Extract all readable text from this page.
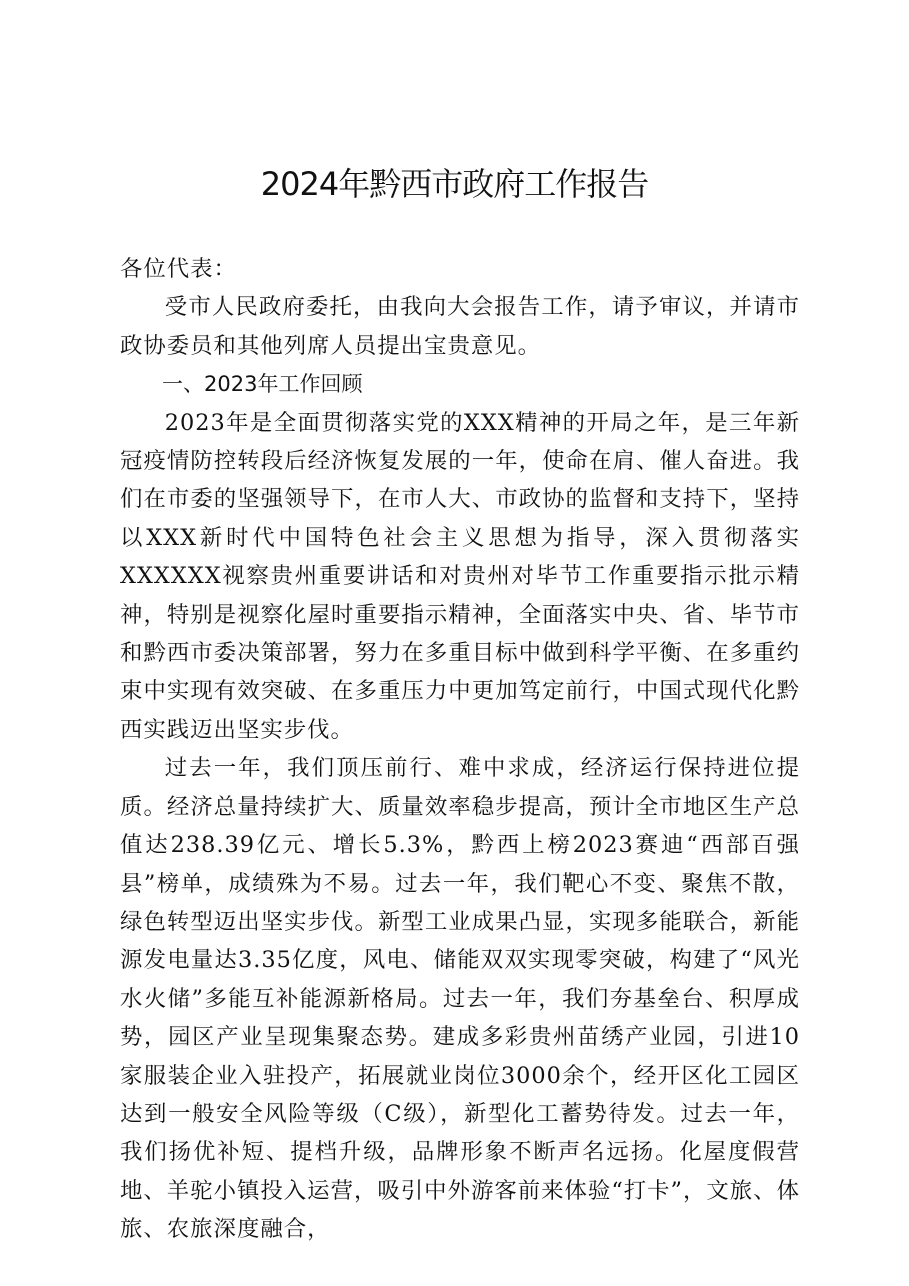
2024年黔西市政府工作报告

各位代表：

受市人民政府委托，由我向大会报告工作，请予审议，并请市政协委员和其他列席人员提出宝贵意见。

一、2023年工作回顾

2023年是全面贯彻落实党的XXX精神的开局之年，是三年新冠疫情防控转段后经济恢复发展的一年，使命在肩、催人奋进。我们在市委的坚强领导下，在市人大、市政协的监督和支持下，坚持以XXX新时代中国特色社会主义思想为指导，深入贯彻落实XXXXXX视察贵州重要讲话和对贵州对毕节工作重要指示批示精神，特别是视察化屋时重要指示精神，全面落实中央、省、毕节市和黔西市委决策部署，努力在多重目标中做到科学平衡、在多重约束中实现有效突破、在多重压力中更加笃定前行，中国式现代化黔西实践迈出坚实步伐。

过去一年，我们顶压前行、难中求成，经济运行保持进位提质。经济总量持续扩大、质量效率稳步提高，预计全市地区生产总值达238.39亿元、增长5.3%，黔西上榜2023赛迪“西部百强县”榜单，成绩殊为不易。过去一年，我们靶心不变、聚焦不散，绿色转型迈出坚实步伐。新型工业成果凸显，实现多能联合，新能源发电量达3.35亿度，风电、储能双双实现零突破，构建了“风光水火储”多能互补能源新格局。过去一年，我们夯基垒台、积厚成势，园区产业呈现集聚态势。建成多彩贵州苗绣产业园，引进10家服装企业入驻投产，拓展就业岗位3000余个，经开区化工园区达到一般安全风险等级（C级），新型化工蓄势待发。过去一年，我们扬优补短、提档升级，品牌形象不断声名远扬。化屋度假营地、羊驼小镇投入运营，吸引中外游客前来体验“打卡”，文旅、体旅、农旅深度融合，
